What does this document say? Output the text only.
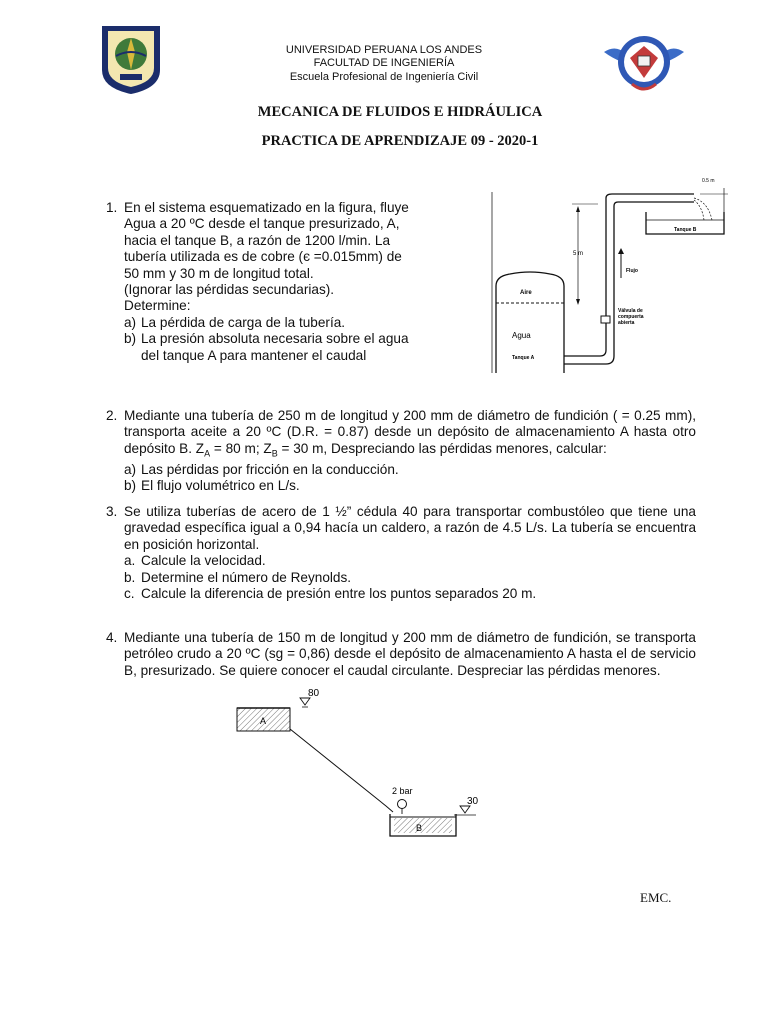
UNIVERSIDAD PERUANA LOS ANDES
FACULTAD DE INGENIERÍA
Escuela Profesional de Ingeniería Civil
MECANICA DE FLUIDOS E HIDRÁULICA
PRACTICA DE APRENDIZAJE 09 - 2020-1
1. En el sistema esquematizado en la figura, fluye
Agua a 20 ºC desde el tanque presurizado, A,
hacia el tanque B, a razón de 1200 l/min. La
tubería utilizada es de cobre (є =0.015mm) de
50 mm y 30 m de longitud total.
(Ignorar las pérdidas secundarias).
Determine:
a) La pérdida de carga de la tubería.
b) La presión absoluta necesaria sobre el agua del tanque A para mantener el caudal
Aire
Agua
Tanque A
Válvula de compuerta abierta
Flujo
5 m
Tanque B
0.5 m
2. Mediante una tubería de 250 m de longitud y 200 mm de diámetro de fundición ( = 0.25 mm), transporta aceite a 20 ºC (D.R. = 0.87) desde un depósito de almacenamiento A hasta otro depósito B. $Z_A = 80$ m; $Z_B = 30$ m, Despreciando las pérdidas menores, calcular:
a) Las pérdidas por fricción en la conducción.
b) El flujo volumétrico en L/s.
3. Se utiliza tuberías de acero de 1 ½” cédula 40 para transportar combustóleo que tiene una gravedad específica igual a 0,94 hacía un caldero, a razón de 4.5 L/s. La tubería se encuentra en posición horizontal.
a. Calcule la velocidad.
b. Determine el número de Reynolds.
c. Calcule la diferencia de presión entre los puntos separados 20 m.
4. Mediante una tubería de 150 m de longitud y 200 mm de diámetro de fundición, se transporta petróleo crudo a 20 ºC (sg = 0,86) desde el depósito de almacenamiento A hasta el de servicio B, presurizado. Se quiere conocer el caudal circulante. Despreciar las pérdidas menores.
80
A
2 bar
30
B
EMC.
